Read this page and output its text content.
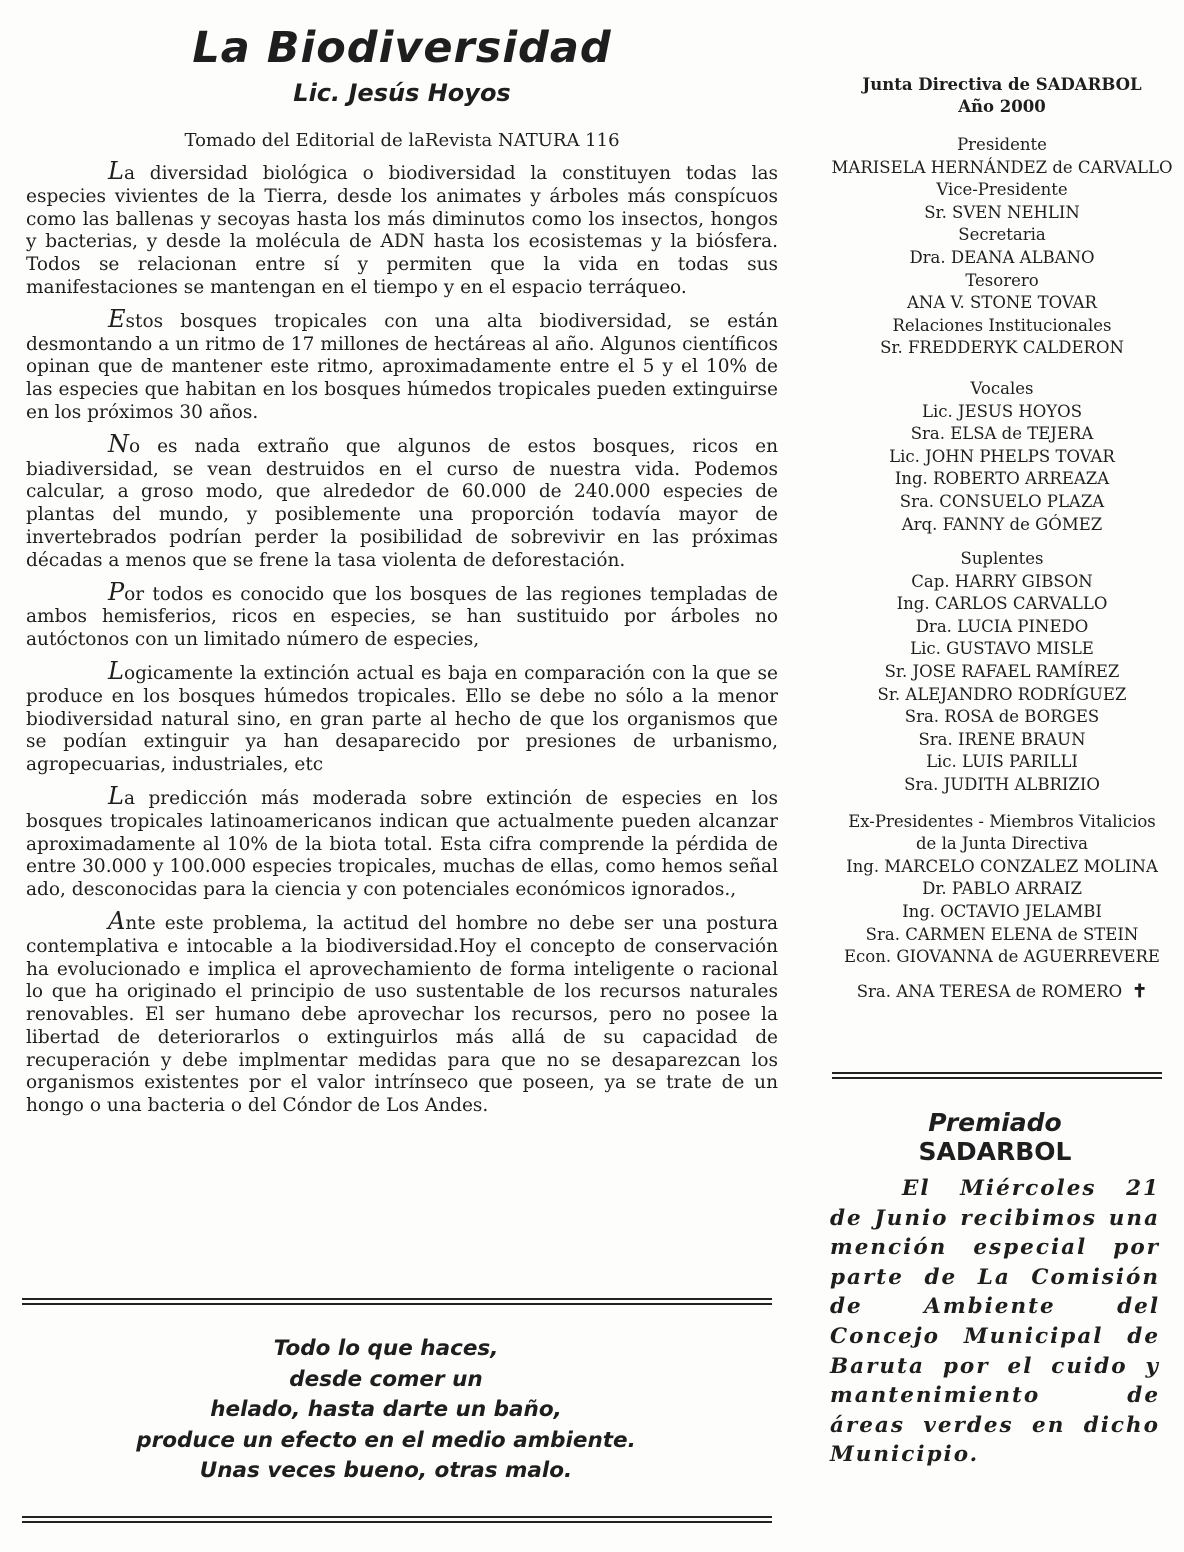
La Biodiversidad
Lic. Jesús Hoyos
Tomado del Editorial de laRevista NATURA 116

La diversidad biológica o biodiversidad la constituyen todas las especies vivientes de la Tierra, desde los animates y árboles más conspícuos como las ballenas y secoyas hasta los más diminutos como los insectos, hongos y bacterias, y desde la molécula de ADN hasta los ecosistemas y la biósfera. Todos se relacionan entre sí y permiten que la vida en todas sus manifestaciones se mantengan en el tiempo y en el espacio terráqueo.

Estos bosques tropicales con una alta biodiversidad, se están desmontando a un ritmo de 17 millones de hectáreas al año. Algunos científicos opinan que de mantener este ritmo, aproximadamente entre el 5 y el 10% de las especies que habitan en los bosques húmedos tropicales pueden extinguirse en los próximos 30 años.

No es nada extraño que algunos de estos bosques, ricos en biadiversidad, se vean destruidos en el curso de nuestra vida. Podemos calcular, a groso modo, que alrededor de 60.000 de 240.000 especies de plantas del mundo, y posiblemente una proporción todavía mayor de invertebrados podrían perder la posibilidad de sobrevivir en las próximas décadas a menos que se frene la tasa violenta de deforestación.

Por todos es conocido que los bosques de las regiones templadas de ambos hemisferios, ricos en especies, se han sustituido por árboles no autóctonos con un limitado número de especies,

Logicamente la extinción actual es baja en comparación con la que se produce en los bosques húmedos tropicales. Ello se debe no sólo a la menor biodiversidad natural sino, en gran parte al hecho de que los organismos que se podían extinguir ya han desaparecido por presiones de urbanismo, agropecuarias, industriales, etc

La predicción más moderada sobre extinción de especies en los bosques tropicales latinoamericanos indican que actualmente pueden alcanzar aproximadamente al 10% de la biota total. Esta cifra comprende la pérdida de entre 30.000 y 100.000 especies tropicales, muchas de ellas, como hemos señal ado, desconocidas para la ciencia y con potenciales económicos ignorados.,

Ante este problema, la actitud del hombre no debe ser una postura contemplativa e intocable a la biodiversidad.Hoy el concepto de conservación ha evolucionado e implica el aprovechamiento de forma inteligente o racional lo que ha originado el principio de uso sustentable de los recursos naturales renovables. El ser humano debe aprovechar los recursos, pero no posee la libertad de deteriorarlos o extinguirlos más allá de su capacidad de recuperación y debe implmentar medidas para que no se desaparezcan los organismos existentes por el valor intrínseco que poseen, ya se trate de un hongo o una bacteria o del Cóndor de Los Andes.

Todo lo que haces,
desde comer un
helado, hasta darte un baño,
produce un efecto en el medio ambiente.
Unas veces bueno, otras malo.
Junta Directiva de SADARBOL
Año 2000
Presidente
MARISELA HERNÁNDEZ de CARVALLO
Vice-Presidente
Sr. SVEN NEHLIN
Secretaria
Dra. DEANA ALBANO
Tesorero
ANA V. STONE TOVAR
Relaciones Institucionales
Sr. FREDDERYK CALDERON
Vocales
Lic. JESUS HOYOS
Sra. ELSA de TEJERA
Lic. JOHN PHELPS TOVAR
Ing. ROBERTO ARREAZA
Sra. CONSUELO PLAZA
Arq. FANNY de GÓMEZ
Suplentes
Cap. HARRY GIBSON
Ing. CARLOS CARVALLO
Dra. LUCIA PINEDO
Lic. GUSTAVO MISLE
Sr. JOSE RAFAEL RAMÍREZ
Sr. ALEJANDRO RODRÍGUEZ
Sra. ROSA de BORGES
Sra. IRENE BRAUN
Lic. LUIS PARILLI
Sra. JUDITH ALBRIZIO
Ex-Presidentes - Miembros Vitalicios
de la Junta Directiva
Ing. MARCELO CONZALEZ MOLINA
Dr. PABLO ARRAIZ
Ing. OCTAVIO JELAMBI
Sra. CARMEN ELENA de STEIN
Econ. GIOVANNA de AGUERREVERE
Sra. ANA TERESA de ROMERO ✝
Premiado
SADARBOL

El Miércoles 21 de Junio recibimos una mención especial por parte de La Comisión de Ambiente del Concejo Municipal de Baruta por el cuido y mantenimiento de áreas verdes en dicho Municipio.
